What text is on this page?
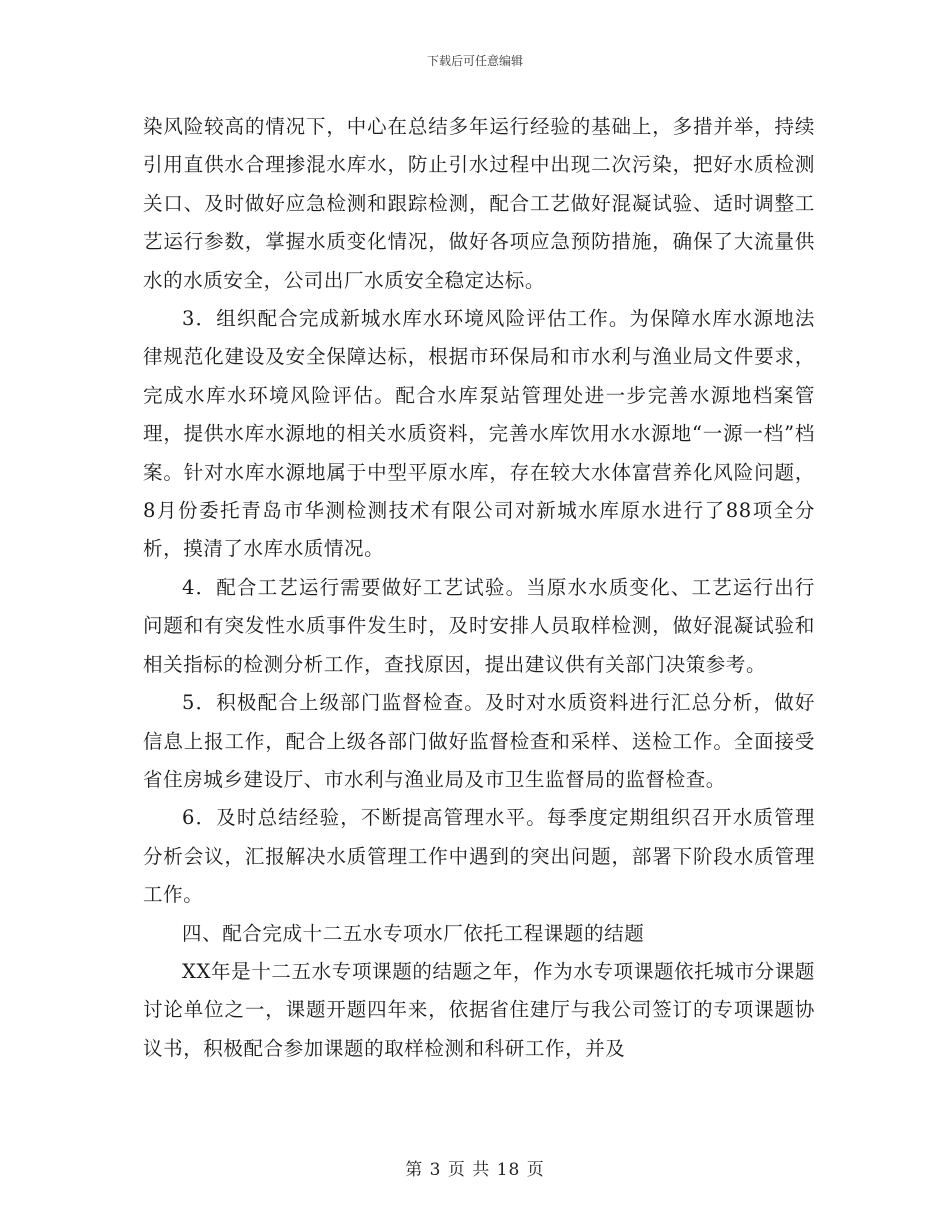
下载后可任意编辑

染风险较高的情况下，中心在总结多年运行经验的基础上，多措并举，持续引用直供水合理掺混水库水，防止引水过程中出现二次污染，把好水质检测关口、及时做好应急检测和跟踪检测，配合工艺做好混凝试验、适时调整工艺运行参数，掌握水质变化情况，做好各项应急预防措施，确保了大流量供水的水质安全，公司出厂水质安全稳定达标。

3．组织配合完成新城水库水环境风险评估工作。为保障水库水源地法律规范化建设及安全保障达标，根据市环保局和市水利与渔业局文件要求，完成水库水环境风险评估。配合水库泵站管理处进一步完善水源地档案管理，提供水库水源地的相关水质资料，完善水库饮用水水源地“一源一档”档案。针对水库水源地属于中型平原水库，存在较大水体富营养化风险问题，8月份委托青岛市华测检测技术有限公司对新城水库原水进行了88项全分析，摸清了水库水质情况。

4．配合工艺运行需要做好工艺试验。当原水水质变化、工艺运行出行问题和有突发性水质事件发生时，及时安排人员取样检测，做好混凝试验和相关指标的检测分析工作，查找原因，提出建议供有关部门决策参考。

5．积极配合上级部门监督检查。及时对水质资料进行汇总分析，做好信息上报工作，配合上级各部门做好监督检查和采样、送检工作。全面接受省住房城乡建设厅、市水利与渔业局及市卫生监督局的监督检查。

6．及时总结经验，不断提高管理水平。每季度定期组织召开水质管理分析会议，汇报解决水质管理工作中遇到的突出问题，部署下阶段水质管理工作。

四、配合完成十二五水专项水厂依托工程课题的结题

XX年是十二五水专项课题的结题之年，作为水专项课题依托城市分课题讨论单位之一，课题开题四年来，依据省住建厅与我公司签订的专项课题协议书，积极配合参加课题的取样检测和科研工作，并及

第 3 页 共 18 页
